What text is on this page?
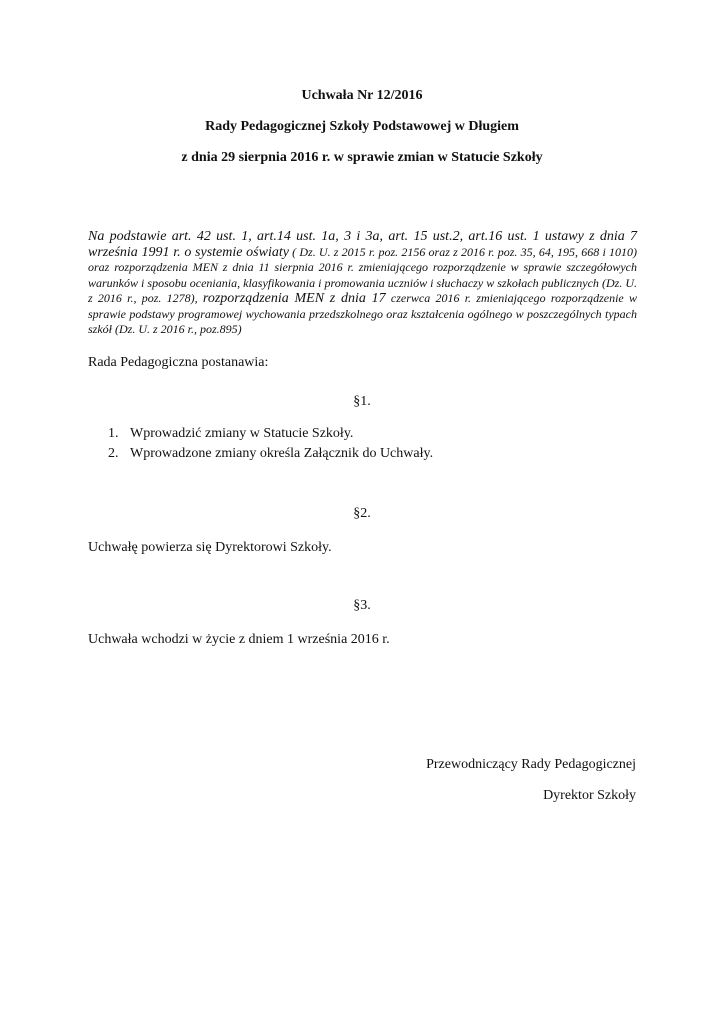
Uchwała Nr 12/2016
Rady Pedagogicznej Szkoły Podstawowej w Długiem
z dnia 29 sierpnia 2016 r. w sprawie zmian w Statucie Szkoły

Na podstawie art. 42 ust. 1, art.14 ust. 1a, 3 i 3a, art. 15 ust.2, art.16 ust. 1 ustawy z dnia 7 września 1991 r. o systemie oświaty ( Dz. U. z 2015 r. poz. 2156 oraz z 2016 r. poz. 35, 64, 195, 668 i 1010) oraz rozporządzenia MEN z dnia 11 sierpnia 2016 r. zmieniającego rozporządzenie w sprawie szczegółowych warunków i sposobu oceniania, klasyfikowania i promowania uczniów i słuchaczy w szkołach publicznych (Dz. U. z 2016 r., poz. 1278), rozporządzenia MEN z dnia 17 czerwca 2016 r. zmieniającego rozporządzenie w sprawie podstawy programowej wychowania przedszkolnego oraz kształcenia ogólnego w poszczególnych typach szkół (Dz. U. z 2016 r., poz.895)

Rada Pedagogiczna postanawia:

§1.

1. Wprowadzić zmiany w Statucie Szkoły.
2. Wprowadzone zmiany określa Załącznik do Uchwały.

§2.

Uchwałę powierza się Dyrektorowi Szkoły.

§3.

Uchwała wchodzi w życie z dniem 1 września 2016 r.

Przewodniczący Rady Pedagogicznej

Dyrektor Szkoły
